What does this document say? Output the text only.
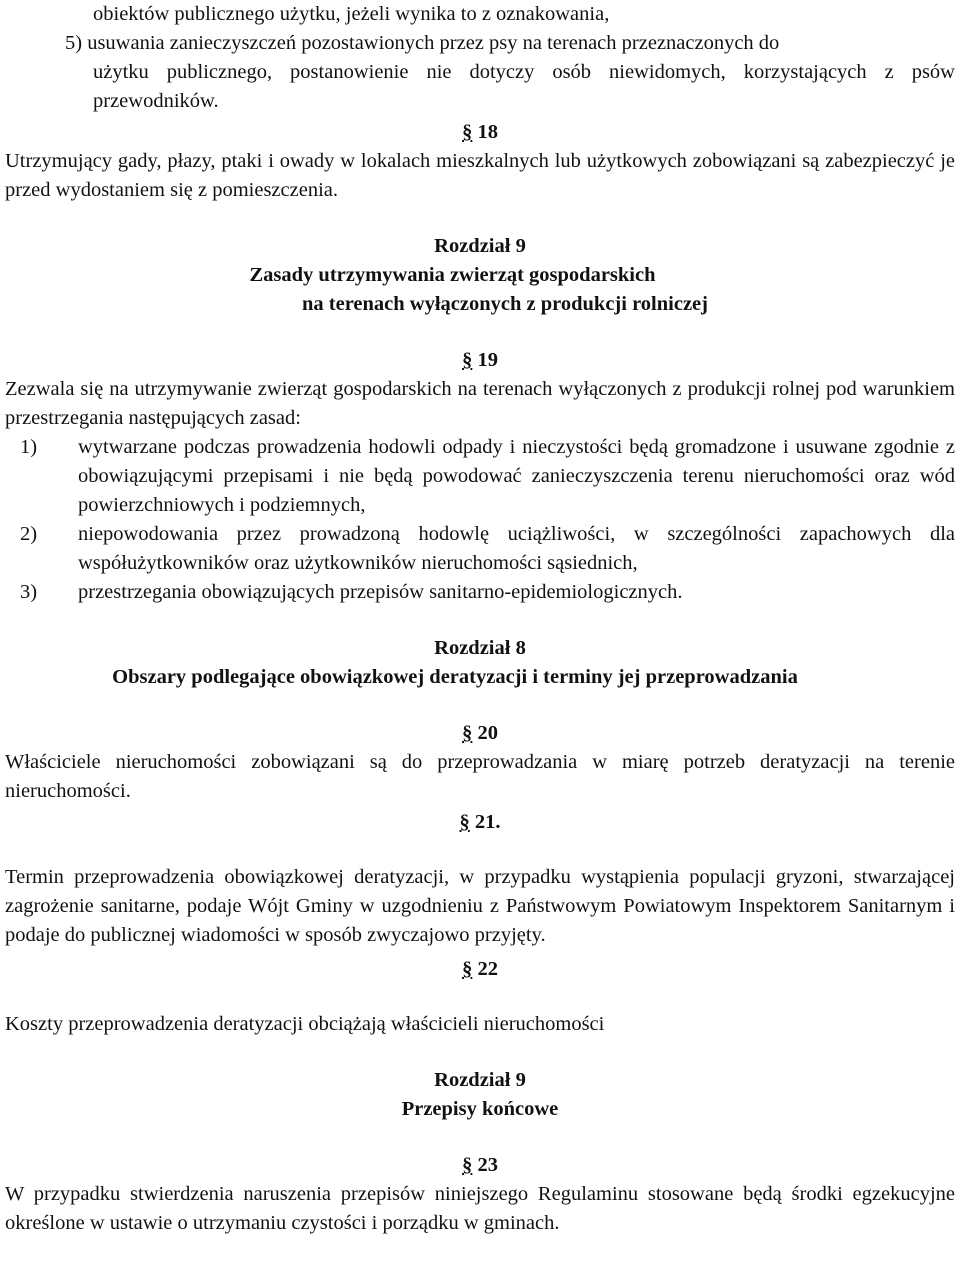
obiektów publicznego użytku, jeżeli wynika to z oznakowania,

5) usuwania zanieczyszczeń pozostawionych przez psy na terenach przeznaczonych do

użytku publicznego, postanowienie nie dotyczy osób niewidomych, korzystających z psów przewodników.

§ 18

Utrzymujący gady, płazy, ptaki i owady w lokalach mieszkalnych lub użytkowych zobowiązani są zabezpieczyć je przed wydostaniem się z pomieszczenia.

Rozdział 9

Zasady utrzymywania zwierząt gospodarskich

na terenach wyłączonych z produkcji rolniczej

§ 19

Zezwala się na utrzymywanie zwierząt gospodarskich na terenach wyłączonych z produkcji rolnej pod warunkiem przestrzegania następujących zasad:

1)	wytwarzane podczas prowadzenia hodowli odpady i nieczystości będą gromadzone i usuwane zgodnie z obowiązującymi przepisami i nie będą powodować zanieczyszczenia terenu nieruchomości oraz wód powierzchniowych i podziemnych,
2)	niepowodowania przez prowadzoną hodowlę uciążliwości, w szczególności zapachowych dla współużytkowników oraz użytkowników nieruchomości sąsiednich,
3)	przestrzegania obowiązujących przepisów sanitarno-epidemiologicznych.

Rozdział 8

Obszary podlegające obowiązkowej deratyzacji i terminy jej przeprowadzania

§ 20

Właściciele nieruchomości zobowiązani są do przeprowadzania w miarę potrzeb deratyzacji na terenie nieruchomości.

§ 21.

Termin przeprowadzenia obowiązkowej deratyzacji, w przypadku wystąpienia populacji gryzoni, stwarzającej zagrożenie sanitarne, podaje Wójt Gminy w uzgodnieniu z Państwowym Powiatowym Inspektorem Sanitarnym i podaje do publicznej wiadomości w sposób zwyczajowo przyjęty.

§ 22

Koszty przeprowadzenia deratyzacji obciążają właścicieli nieruchomości

Rozdział 9

Przepisy końcowe

§ 23

W przypadku stwierdzenia naruszenia przepisów niniejszego Regulaminu stosowane będą środki egzekucyjne określone w ustawie o utrzymaniu czystości i porządku w gminach.
